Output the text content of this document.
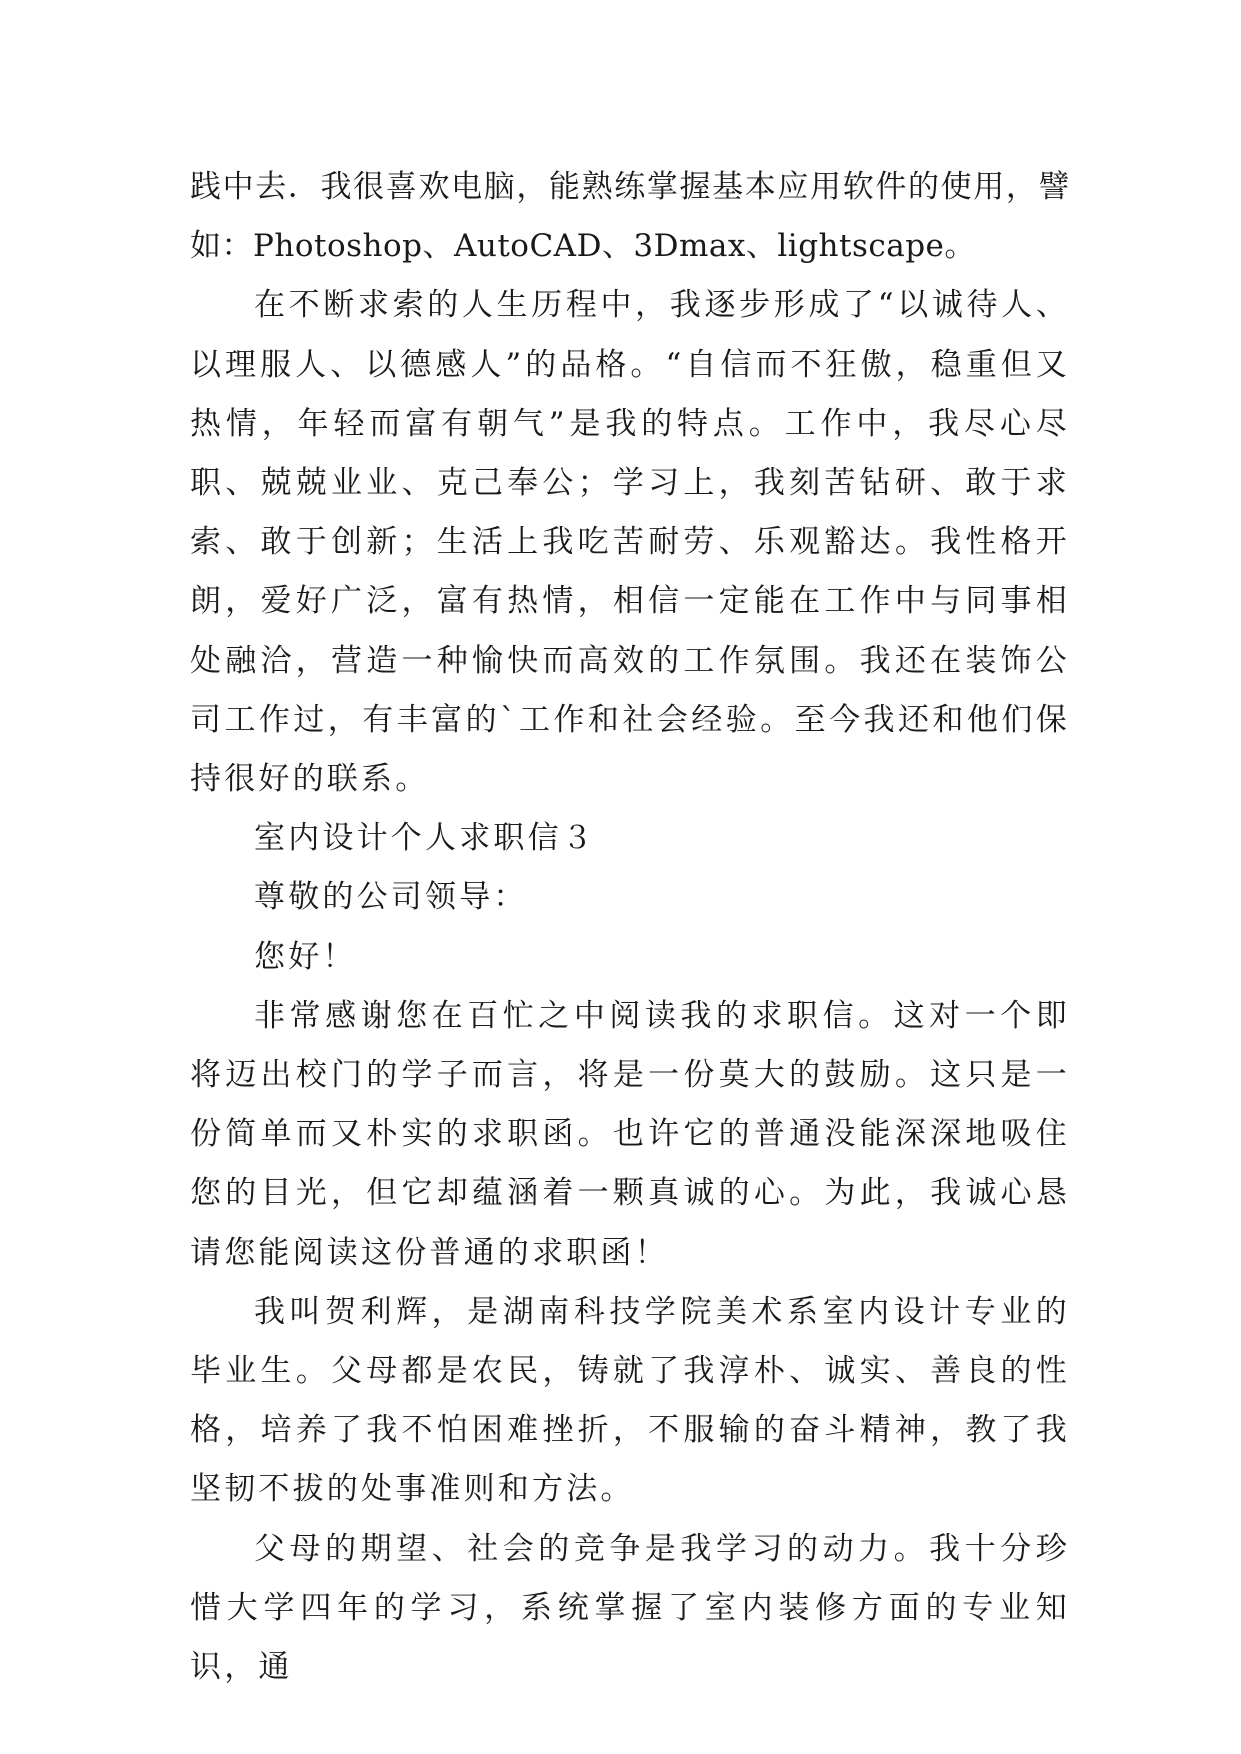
践中去．我很喜欢电脑，能熟练掌握基本应用软件的使用，譬如：Photoshop、AutoCAD、3Dmax、lightscape。

在不断求索的人生历程中，我逐步形成了“以诚待人、以理服人、以德感人”的品格。“自信而不狂傲，稳重但又热情，年轻而富有朝气”是我的特点。工作中，我尽心尽职、兢兢业业、克己奉公；学习上，我刻苦钻研、敢于求索、敢于创新；生活上我吃苦耐劳、乐观豁达。我性格开朗，爱好广泛，富有热情，相信一定能在工作中与同事相处融洽，营造一种愉快而高效的工作氛围。我还在装饰公司工作过，有丰富的`工作和社会经验。至今我还和他们保持很好的联系。

室内设计个人求职信３

尊敬的公司领导：

您好！

非常感谢您在百忙之中阅读我的求职信。这对一个即将迈出校门的学子而言，将是一份莫大的鼓励。这只是一份简单而又朴实的求职函。也许它的普通没能深深地吸住您的目光，但它却蕴涵着一颗真诚的心。为此，我诚心恳请您能阅读这份普通的求职函！

我叫贺利辉，是湖南科技学院美术系室内设计专业的毕业生。父母都是农民，铸就了我淳朴、诚实、善良的性格，培养了我不怕困难挫折，不服输的奋斗精神，教了我坚韧不拔的处事准则和方法。

父母的期望、社会的竞争是我学习的动力。我十分珍惜大学四年的学习，系统掌握了室内装修方面的专业知识，通
